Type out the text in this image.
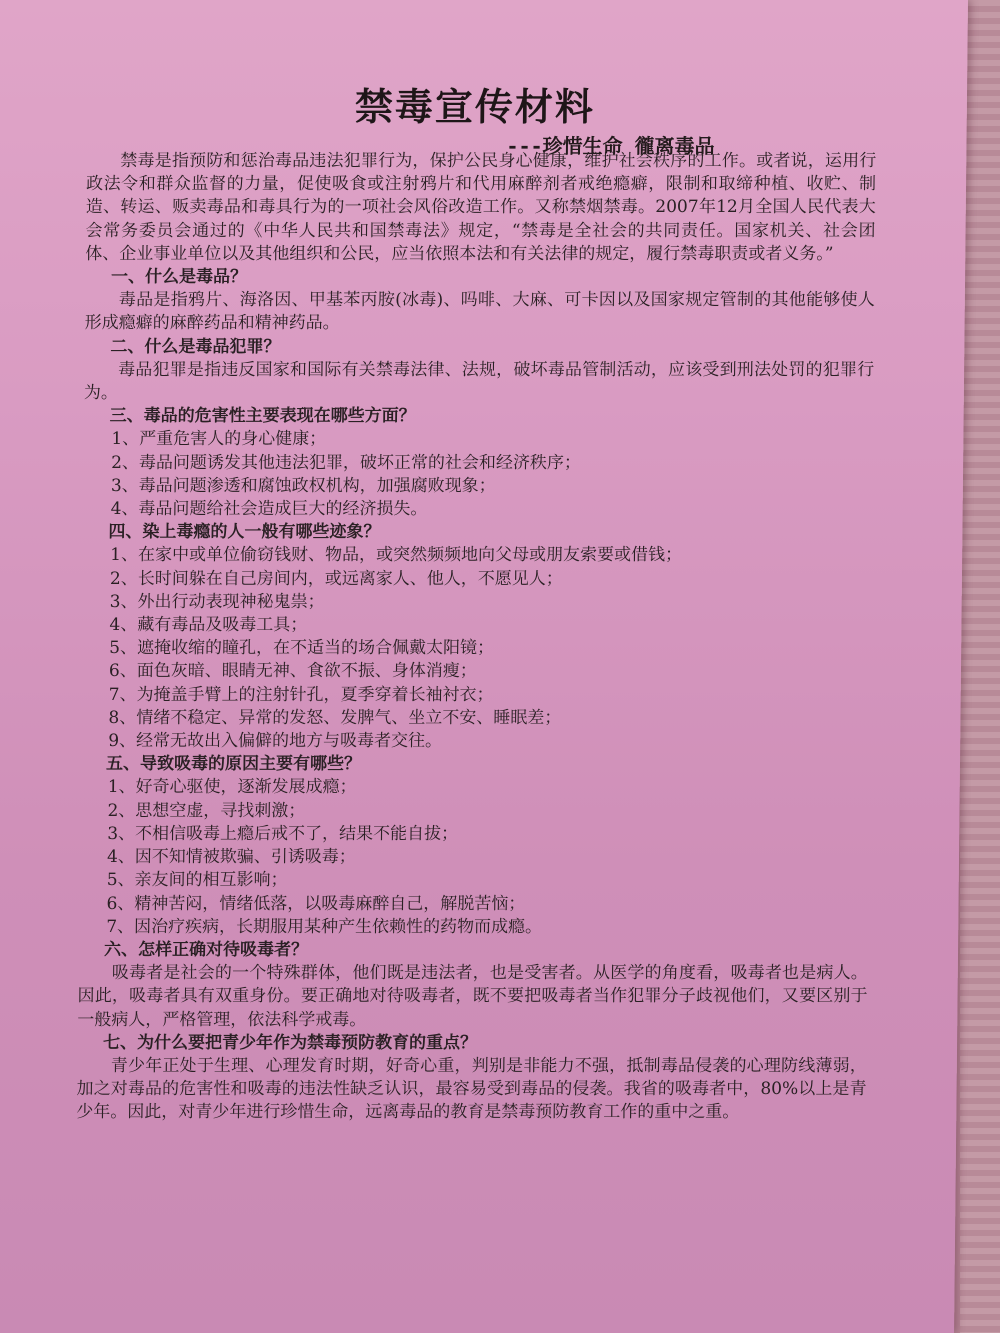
禁毒宣传材料
---珍惜生命 徿离毒品

禁毒是指预防和惩治毒品违法犯罪行为，保护公民身心健康，维护社会秩序的工作。或者说，运用行政法令和群众监督的力量，促使吸食或注射鸦片和代用麻醉剂者戒绝瘾癖，限制和取缔种植、收贮、制造、转运、贩卖毒品和毒具行为的一项社会风俗改造工作。又称禁烟禁毒。2007年12月全国人民代表大会常务委员会通过的《中华人民共和国禁毒法》规定，“禁毒是全社会的共同责任。国家机关、社会团体、企业事业单位以及其他组织和公民，应当依照本法和有关法律的规定，履行禁毒职责或者义务。”

一、什么是毒品？

毒品是指鸦片、海洛因、甲基苯丙胺(冰毒)、吗啡、大麻、可卡因以及国家规定管制的其他能够使人形成瘾癖的麻醉药品和精神药品。

二、什么是毒品犯罪？

毒品犯罪是指违反国家和国际有关禁毒法律、法规，破坏毒品管制活动，应该受到刑法处罚的犯罪行为。

三、毒品的危害性主要表现在哪些方面？

1、严重危害人的身心健康；

2、毒品问题诱发其他违法犯罪，破坏正常的社会和经济秩序；

3、毒品问题渗透和腐蚀政权机构，加强腐败现象；

4、毒品问题给社会造成巨大的经济损失。

四、染上毒瘾的人一般有哪些迹象？

1、在家中或单位偷窃钱财、物品，或突然频频地向父母或朋友索要或借钱；

2、长时间躲在自己房间内，或远离家人、他人，不愿见人；

3、外出行动表现神秘鬼祟；

4、藏有毒品及吸毒工具；

5、遮掩收缩的瞳孔，在不适当的场合佩戴太阳镜；

6、面色灰暗、眼睛无神、食欲不振、身体消瘦；

7、为掩盖手臂上的注射针孔，夏季穿着长袖衬衣；

8、情绪不稳定、异常的发怒、发脾气、坐立不安、睡眠差；

9、经常无故出入偏僻的地方与吸毒者交往。

五、导致吸毒的原因主要有哪些？

1、好奇心驱使，逐渐发展成瘾；

2、思想空虚，寻找刺激；

3、不相信吸毒上瘾后戒不了，结果不能自拔；

4、因不知情被欺骗、引诱吸毒；

5、亲友间的相互影响；

6、精神苦闷，情绪低落，以吸毒麻醉自己，解脱苦恼；

7、因治疗疾病，长期服用某种产生依赖性的药物而成瘾。

六、怎样正确对待吸毒者？

吸毒者是社会的一个特殊群体，他们既是违法者，也是受害者。从医学的角度看，吸毒者也是病人。因此，吸毒者具有双重身份。要正确地对待吸毒者，既不要把吸毒者当作犯罪分子歧视他们，又要区别于一般病人，严格管理，依法科学戒毒。

七、为什么要把青少年作为禁毒预防教育的重点？

青少年正处于生理、心理发育时期，好奇心重，判别是非能力不强，抵制毒品侵袭的心理防线薄弱，加之对毒品的危害性和吸毒的违法性缺乏认识，最容易受到毒品的侵袭。我省的吸毒者中，80%以上是青少年。因此，对青少年进行珍惜生命，远离毒品的教育是禁毒预防教育工作的重中之重。
